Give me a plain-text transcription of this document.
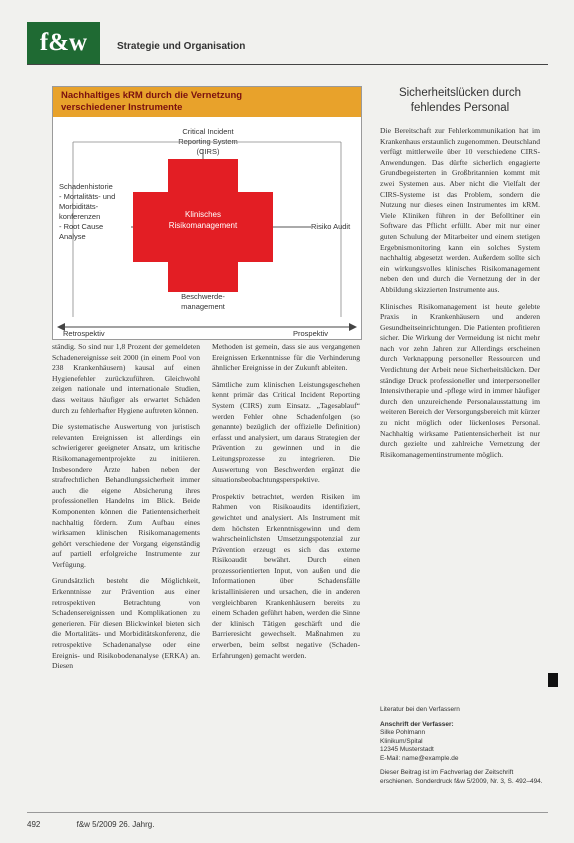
f&w	Strategie und Organisation
Nachhaltiges kRM durch die Vernetzung
verschiedener Instrumente
Critical Incident
Reporting System
(CIRS)
Schadenhistorie
- Mortalitäts- und
Morbiditäts-
konferenzen
- Root Cause
Analyse
Klinisches
Risikomanagement	Risiko Audit
Beschwerde-
management
Retrospektiv	Prospektiv

ständig. So sind nur 1,8 Prozent der gemeldeten Schadenereignisse seit 2000 (in einem Pool von 238 Krankenhäusern) kausal auf einen Hygienefehler zurückzuführen. Gleichwohl zeigen nationale und internationale Studien, dass weitaus häufiger als erwartet Schäden durch zu fehlerhafter Hygiene auftreten können.

Die systematische Auswertung von juristisch relevanten Ereignissen ist allerdings ein schwierigerer geeigneter Ansatz, um kritische Risikomanagementprojekte zu initiieren. Insbesondere Ärzte haben neben der strafrechtlichen Behandlungssicherheit immer auch die eigene Absicherung ihres professionellen Handelns im Blick. Beide Komponenten können die Patientensicherheit nachhaltig fördern. Zum Aufbau eines wirksamen klinischen Risikomanagements gehört verschiedene der Vorgang eigenständig auf partiell erfolgreiche Instrumente zur Verfügung.

Grundsätzlich besteht die Möglichkeit, Erkenntnisse zur Prävention aus einer retrospektiven Betrachtung von Schadensereignissen und Komplikationen zu generieren. Für diesen Blickwinkel bieten sich die Mortalitäts- und Morbiditätskonferenz, die retrospektive Schadenanalyse oder eine Ereignis- und Risikobodenanalyse (ERKA) an. Diesen

Methoden ist gemein, dass sie aus vergangenen Ereignissen Erkenntnisse für die Verhinderung ähnlicher Ereignisse in der Zukunft ableiten.

Sämtliche zum klinischen Leistungsgeschehen kennt primär das Critical Incident Reporting System (CIRS) zum Einsatz. „Tagesablauf“ werden Fehler ohne Schadenfolgen (so genannte) bezüglich der offizielle Definition) erfasst und analysiert, um daraus Strategien der Prävention zu gewinnen und in die Leitungsprozesse zu integrieren. Die Auswertung von Beschwerden ergänzt die situationsbeobachtungsperspektive.

Prospektiv betrachtet, werden Risiken im Rahmen von Risikoaudits identifiziert, gewichtet und analysiert. Als Instrument mit dem höchsten Erkenntnisgewinn und dem wahrscheinlichsten Umsetzungspotenzial zur Prävention erzeugt es sich das externe Risikoaudit bewährt. Durch einen prozessorientierten Input, von außen und die Informationen über Schadensfälle kristallinisieren und ursachen, die in anderen vergleichbaren Krankenhäusern bereits zu einem Schaden geführt haben, werden die Sinne der klinisch Tätigen geschärft und die Barrieresicht gewechselt. Maßnahmen zu erwerben, beim selbst negative (Schaden-Erfahrungen) gemacht werden.

Sicherheitslücken durch
fehlendes Personal

Die Bereitschaft zur Fehlerkommunikation hat im Krankenhaus erstaunlich zugenommen. Deutschland verfügt mittlerweile über 10 verschiedene CIRS-Anwendungen. Das dürfte sicherlich engagierte Grundbegeisterten in Großbritannien kommt mit zwei Systemen aus. Aber nicht die Vielfalt der CIRS-Systeme ist das Problem, sondern die Nutzung nur dieses einen Instrumentes im kRM. Viele Kliniken führen in der Befolltiner ein Software das Pflicht erfüllt. Aber mit nur einer guten Schulung der Mitarbeiter und einem stetigen Ergebnismonitoring kann ein solches System nachhaltig abgesetzt werden. Außerdem sollte sich ein wirkungsvolles klinisches Risikomanagement neben den und durch die Vernetzung der in der Abbildung skizzierten Instrumente aus.

Klinisches Risikomanagement ist heute gelebte Praxis in Krankenhäusern und anderen Gesundheitseinrichtungen. Die Patienten profitieren sicher. Die Wirkung der Vermeidung ist nicht mehr nach vor zehn Jahren zur Allerdings erscheinen durch Verknappung personeller Ressourcen und Verdichtung der Arbeit neue Sicherheitslücken. Der ständige Druck professioneller und interpersoneller Intensivtherapie und -pflege wird in immer häufiger durch den unzureichende Personalausstattung im weiteren Bereich der Versorgungsbereich mit kürzer zu nicht möglich oder lückenloses Personal. Nachhaltig wirksame Patientensicherheit ist nur durch gezielte und zahlreiche Vernetzung der Risikomanagementinstrumente möglich.

Literatur bei den Verfassern
Anschrift der Verfasser:
Silke Pohlmann
Klinikum/Spital
12345 Musterstadt
E-Mail: name@example.de
Dieser Beitrag ist im Fachverlag der Zeitschrift erschienen. Sonderdruck f&w 5/2009, Nr. 3, S. 492–494.
492	f&w 5/2009 26. Jahrg.
